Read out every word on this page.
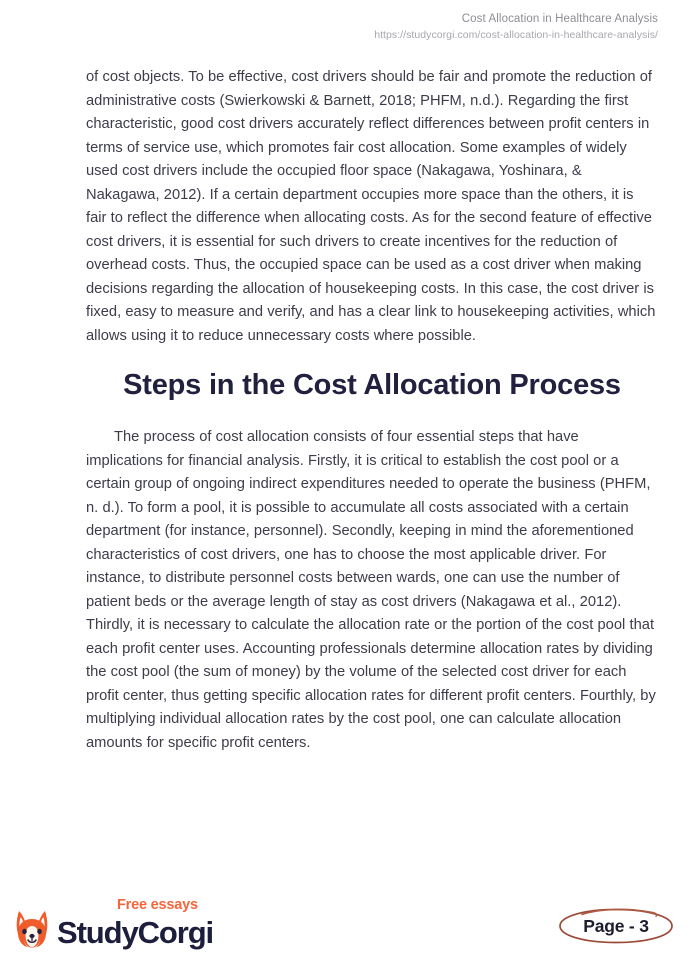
Cost Allocation in Healthcare Analysis
https://studycorgi.com/cost-allocation-in-healthcare-analysis/

of cost objects. To be effective, cost drivers should be fair and promote the reduction of administrative costs (Swierkowski & Barnett, 2018; PHFM, n.d.). Regarding the first characteristic, good cost drivers accurately reflect differences between profit centers in terms of service use, which promotes fair cost allocation. Some examples of widely used cost drivers include the occupied floor space (Nakagawa, Yoshinara, & Nakagawa, 2012). If a certain department occupies more space than the others, it is fair to reflect the difference when allocating costs. As for the second feature of effective cost drivers, it is essential for such drivers to create incentives for the reduction of overhead costs. Thus, the occupied space can be used as a cost driver when making decisions regarding the allocation of housekeeping costs. In this case, the cost driver is fixed, easy to measure and verify, and has a clear link to housekeeping activities, which allows using it to reduce unnecessary costs where possible.

Steps in the Cost Allocation Process

The process of cost allocation consists of four essential steps that have implications for financial analysis. Firstly, it is critical to establish the cost pool or a certain group of ongoing indirect expenditures needed to operate the business (PHFM, n. d.). To form a pool, it is possible to accumulate all costs associated with a certain department (for instance, personnel). Secondly, keeping in mind the aforementioned characteristics of cost drivers, one has to choose the most applicable driver. For instance, to distribute personnel costs between wards, one can use the number of patient beds or the average length of stay as cost drivers (Nakagawa et al., 2012). Thirdly, it is necessary to calculate the allocation rate or the portion of the cost pool that each profit center uses. Accounting professionals determine allocation rates by dividing the cost pool (the sum of money) by the volume of the selected cost driver for each profit center, thus getting specific allocation rates for different profit centers. Fourthly, by multiplying individual allocation rates by the cost pool, one can calculate allocation amounts for specific profit centers.

Free essays
StudyCorgi	Page - 3
